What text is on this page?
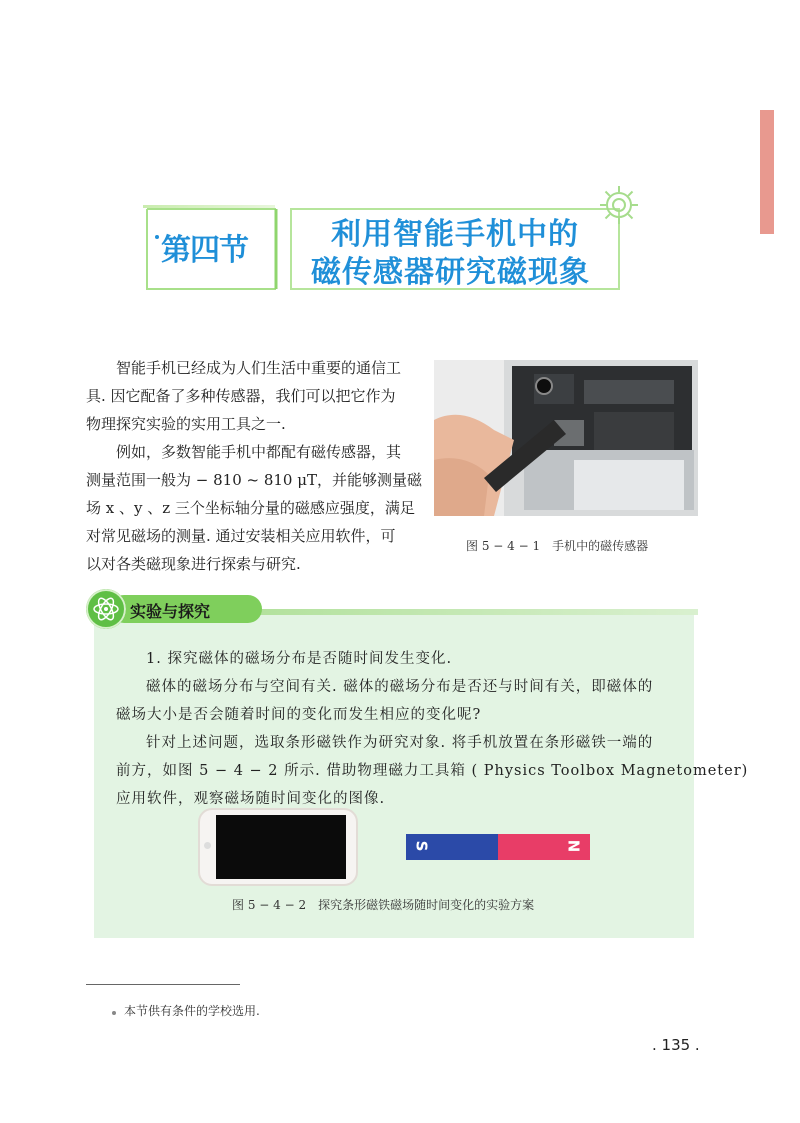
第四节	利用智能手机中的
磁传感器研究磁现象
智能手机已经成为人们生活中重要的通信工
具. 因它配备了多种传感器，我们可以把它作为
物理探究实验的实用工具之一.
例如，多数智能手机中都配有磁传感器，其
测量范围一般为 − 810 ~ 810 μT，并能够测量磁
场 x 、y 、z 三个坐标轴分量的磁感应强度，满足
对常见磁场的测量. 通过安装相关应用软件，可
以对各类磁现象进行探索与研究.
图 5 − 4 − 1　手机中的磁传感器
实验与探究
1. 探究磁体的磁场分布是否随时间发生变化.
磁体的磁场分布与空间有关. 磁体的磁场分布是否还与时间有关，即磁体的
磁场大小是否会随着时间的变化而发生相应的变化呢?
针对上述问题，选取条形磁铁作为研究对象. 将手机放置在条形磁铁一端的
前方，如图 5 − 4 − 2 所示. 借助物理磁力工具箱 ( Physics Toolbox Magnetometer)
应用软件，观察磁场随时间变化的图像.
S	N
图 5 − 4 − 2　探究条形磁铁磁场随时间变化的实验方案
本节供有条件的学校选用.
. 135 .
